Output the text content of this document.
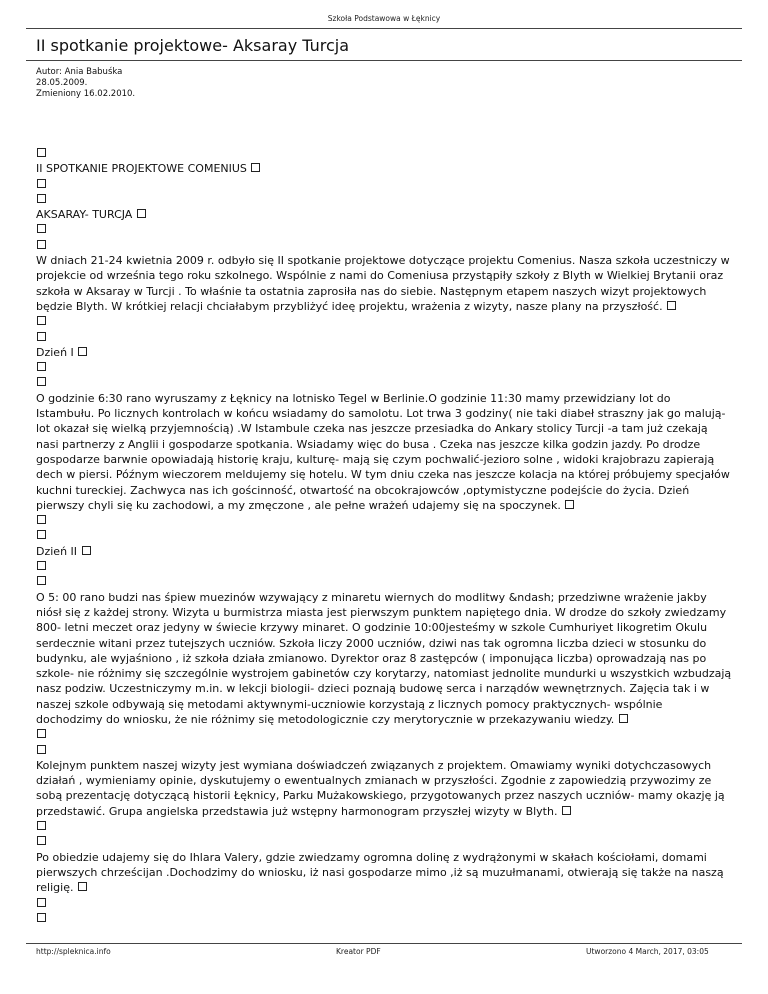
Szkoła Podstawowa w Łęknicy
II spotkanie projektowe- Aksaray Turcja
Autor: Ania Babuśka
28.05.2009.
Zmieniony 16.02.2010.
II SPOTKANIE PROJEKTOWE COMENIUS
AKSARAY- TURCJA
W dniach 21-24 kwietnia 2009 r. odbyło się II spotkanie projektowe dotyczące projektu Comenius. Nasza szkoła uczestniczy w projekcie od września tego roku szkolnego. Wspólnie z nami do Comeniusa przystąpiły szkoły z Blyth w Wielkiej Brytanii oraz szkoła w Aksaray w Turcji . To właśnie ta ostatnia zaprosiła nas do siebie. Następnym etapem naszych wizyt projektowych będzie Blyth. W krótkiej relacji chciałabym przybliżyć ideę projektu, wrażenia z wizyty, nasze plany na przyszłość.
Dzień I
O godzinie 6:30 rano wyruszamy z Łęknicy na lotnisko Tegel w Berlinie.O godzinie 11:30 mamy przewidziany lot do Istambułu. Po licznych kontrolach w końcu wsiadamy do samolotu. Lot trwa 3 godziny( nie taki diabeł straszny jak go malują- lot okazał się wielką przyjemnością) .W Istambule czeka nas jeszcze przesiadka do Ankary stolicy Turcji -a tam już czekają nasi partnerzy z Anglii i gospodarze spotkania. Wsiadamy więc do busa . Czeka nas jeszcze kilka godzin jazdy. Po drodze gospodarze barwnie opowiadają historię kraju, kulturę- mają się czym pochwalić-jezioro solne , widoki krajobrazu zapierają dech w piersi. Późnym wieczorem meldujemy się hotelu. W tym dniu czeka nas jeszcze kolacja na której próbujemy specjałów kuchni tureckiej. Zachwyca nas ich gościnność, otwartość na obcokrajowców ,optymistyczne podejście do życia. Dzień pierwszy chyli się ku zachodowi, a my zmęczone , ale pełne wrażeń udajemy się na spoczynek.
Dzień II
O 5: 00 rano budzi nas śpiew muezinów wzywający z minaretu wiernych do modlitwy &ndash; przedziwne wrażenie jakby niósł się z każdej strony. Wizyta u burmistrza miasta jest pierwszym punktem napiętego dnia. W drodze do szkoły zwiedzamy 800- letni meczet oraz jedyny w świecie krzywy minaret. O godzinie 10:00jesteśmy w szkole Cumhuriyet Iikogretim Okulu serdecznie witani przez tutejszych uczniów. Szkoła liczy 2000 uczniów, dziwi nas tak ogromna liczba dzieci w stosunku do budynku, ale wyjaśniono , iż szkoła działa zmianowo. Dyrektor oraz 8 zastępców ( imponująca liczba) oprowadzają nas po szkole- nie różnimy się szczególnie wystrojem gabinetów czy korytarzy, natomiast jednolite mundurki u wszystkich wzbudzają nasz podziw. Uczestniczymy m.in. w lekcji biologii- dzieci poznają budowę serca i narządów wewnętrznych. Zajęcia tak i w naszej szkole odbywają się metodami aktywnymi-uczniowie korzystają z licznych pomocy praktycznych- wspólnie dochodzimy do wniosku, że nie różnimy się metodologicznie czy merytorycznie w przekazywaniu wiedzy.
Kolejnym punktem naszej wizyty jest wymiana doświadczeń związanych z projektem. Omawiamy wyniki dotychczasowych działań , wymieniamy opinie, dyskutujemy o ewentualnych zmianach w przyszłości. Zgodnie z zapowiedzią przywozimy ze sobą prezentację dotyczącą historii Łęknicy, Parku Mużakowskiego, przygotowanych przez naszych uczniów- mamy okazję ją przedstawić. Grupa angielska przedstawia już wstępny harmonogram przyszłej wizyty w Blyth.
Po obiedzie udajemy się do Ihlara Valery, gdzie zwiedzamy ogromna dolinę z wydrążonymi w skałach kościołami, domami pierwszych chrześcijan .Dochodzimy do wniosku, iż nasi gospodarze mimo ,iż są muzułmanami, otwierają się także na naszą religię.
http://spleknica.info	Kreator PDF	Utworzono 4 March, 2017, 03:05
